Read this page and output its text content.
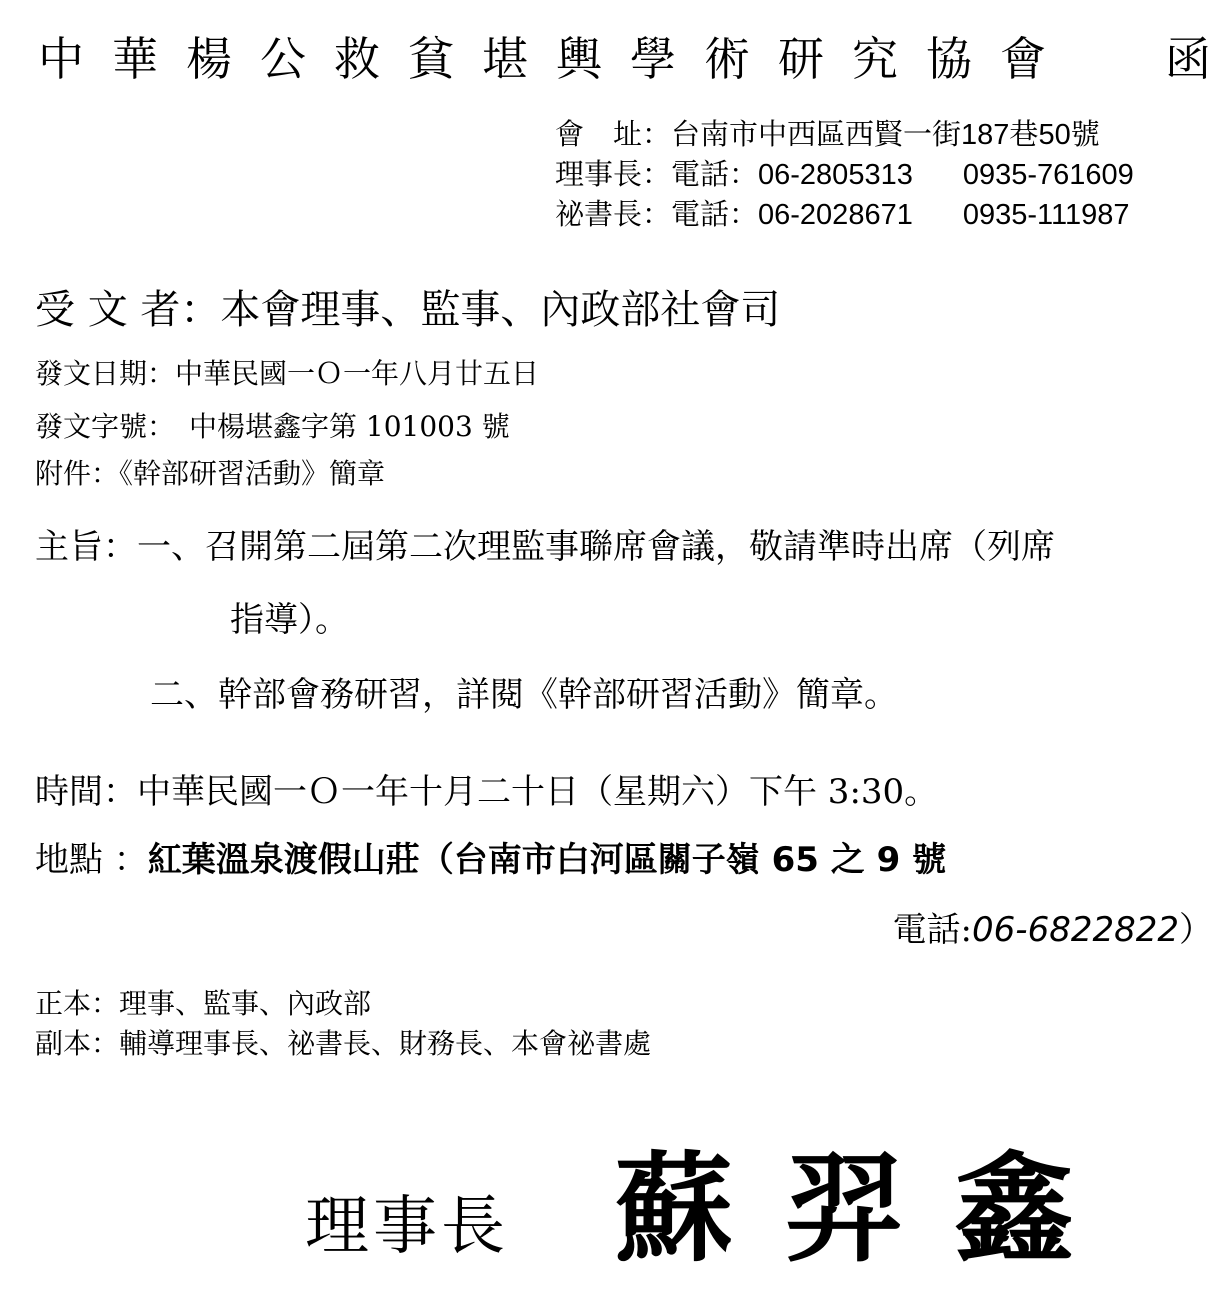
中華楊公救貧堪輿學術研究協會 函
會　址：台南市中西區西賢一街187巷50號
理事長：電話：06-2805313 0935-761609
祕書長：電話：06-2028671 0935-111987
受 文 者：本會理事、監事、內政部社會司
發文日期：中華民國一Ｏ一年八月廿五日
發文字號：　中楊堪鑫字第 101003 號
附件：《幹部研習活動》簡章
主旨：一、召開第二屆第二次理監事聯席會議，敬請準時出席（列席
指導）。
二、幹部會務研習，詳閱《幹部研習活動》簡章。
時間：中華民國一Ｏ一年十月二十日（星期六）下午 3:30。
地點 ：紅葉溫泉渡假山莊（台南市白河區關子嶺 65 之 9 號
電話:06-6822822）
正本：理事、監事、內政部
副本：輔導理事長、祕書長、財務長、本會祕書處
理事長 蘇羿鑫
